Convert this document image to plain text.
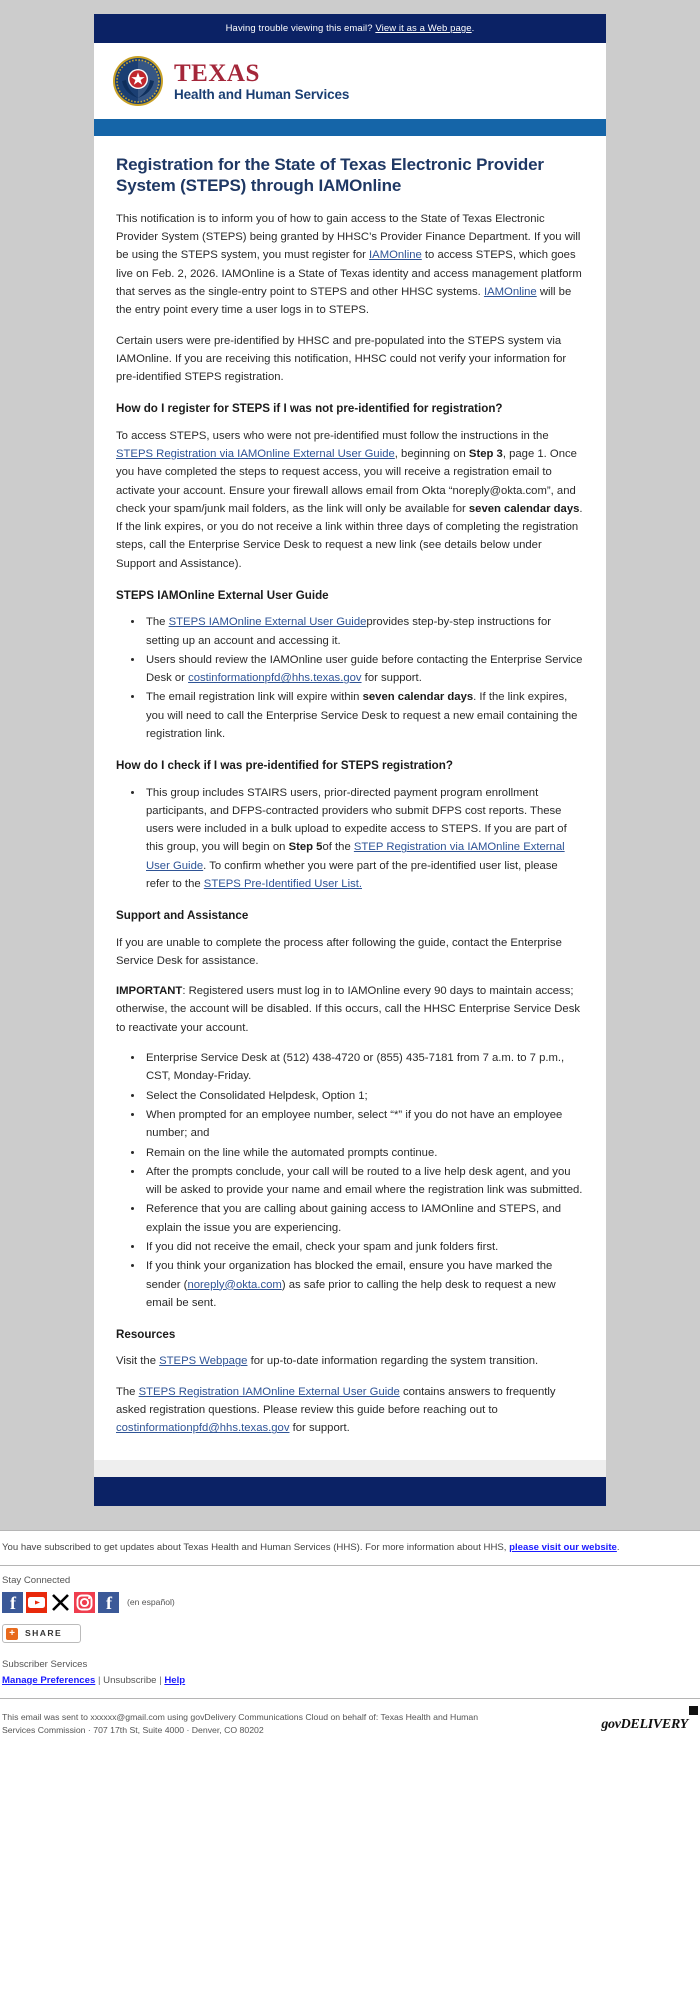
Having trouble viewing this email? View it as a Web page.
TEXAS
Health and Human Services
Registration for the State of Texas Electronic Provider System (STEPS) through IAMOnline

This notification is to inform you of how to gain access to the State of Texas Electronic Provider System (STEPS) being granted by HHSC’s Provider Finance Department. If you will be using the STEPS system, you must register for IAMOnline to access STEPS, which goes live on Feb. 2, 2026. IAMOnline is a State of Texas identity and access management platform that serves as the single-entry point to STEPS and other HHSC systems. IAMOnline will be the entry point every time a user logs in to STEPS.

Certain users were pre-identified by HHSC and pre-populated into the STEPS system via IAMOnline. If you are receiving this notification, HHSC could not verify your information for pre-identified STEPS registration.

How do I register for STEPS if I was not pre-identified for registration?

To access STEPS, users who were not pre-identified must follow the instructions in the STEPS Registration via IAMOnline External User Guide, beginning on Step 3, page 1. Once you have completed the steps to request access, you will receive a registration email to activate your account. Ensure your firewall allows email from Okta “noreply@okta.com”, and check your spam/junk mail folders, as the link will only be available for seven calendar days. If the link expires, or you do not receive a link within three days of completing the registration steps, call the Enterprise Service Desk to request a new link (see details below under Support and Assistance).

STEPS IAMOnline External User Guide
• The STEPS IAMOnline External User Guideprovides step-by-step instructions for setting up an account and accessing it.
• Users should review the IAMOnline user guide before contacting the Enterprise Service Desk or costinformationpfd@hhs.texas.gov for support.
• The email registration link will expire within seven calendar days. If the link expires, you will need to call the Enterprise Service Desk to request a new email containing the registration link.
How do I check if I was pre-identified for STEPS registration?
• This group includes STAIRS users, prior-directed payment program enrollment participants, and DFPS-contracted providers who submit DFPS cost reports. These users were included in a bulk upload to expedite access to STEPS. If you are part of this group, you will begin on Step 5of the STEP Registration via IAMOnline External User Guide. To confirm whether you were part of the pre-identified user list, please refer to the STEPS Pre-Identified User List.
Support and Assistance

If you are unable to complete the process after following the guide, contact the Enterprise Service Desk for assistance.

IMPORTANT: Registered users must log in to IAMOnline every 90 days to maintain access; otherwise, the account will be disabled. If this occurs, call the HHSC Enterprise Service Desk to reactivate your account.

• Enterprise Service Desk at (512) 438-4720 or (855) 435-7181 from 7 a.m. to 7 p.m., CST, Monday-Friday.
• Select the Consolidated Helpdesk, Option 1;
• When prompted for an employee number, select “*” if you do not have an employee number; and
• Remain on the line while the automated prompts continue.
• After the prompts conclude, your call will be routed to a live help desk agent, and you will be asked to provide your name and email where the registration link was submitted.
• Reference that you are calling about gaining access to IAMOnline and STEPS, and explain the issue you are experiencing.
• If you did not receive the email, check your spam and junk folders first.
• If you think your organization has blocked the email, ensure you have marked the sender (noreply@okta.com) as safe prior to calling the help desk to request a new email be sent.
Resources

Visit the STEPS Webpage for up-to-date information regarding the system transition.

The STEPS Registration IAMOnline External User Guide contains answers to frequently asked registration questions. Please review this guide before reaching out to costinformationpfd@hhs.texas.gov for support.

You have subscribed to get updates about Texas Health and Human Services (HHS). For more information about HHS, please visit our website.
Stay Connected
f	f (en español)
+	SHARE
Subscriber Services
Manage Preferences | Unsubscribe | Help
This email was sent to xxxxxx@gmail.com using govDelivery Communications Cloud on behalf of: Texas Health and Human
Services Commission · 707 17th St, Suite 4000 · Denver, CO 80202	govDELIVERY
